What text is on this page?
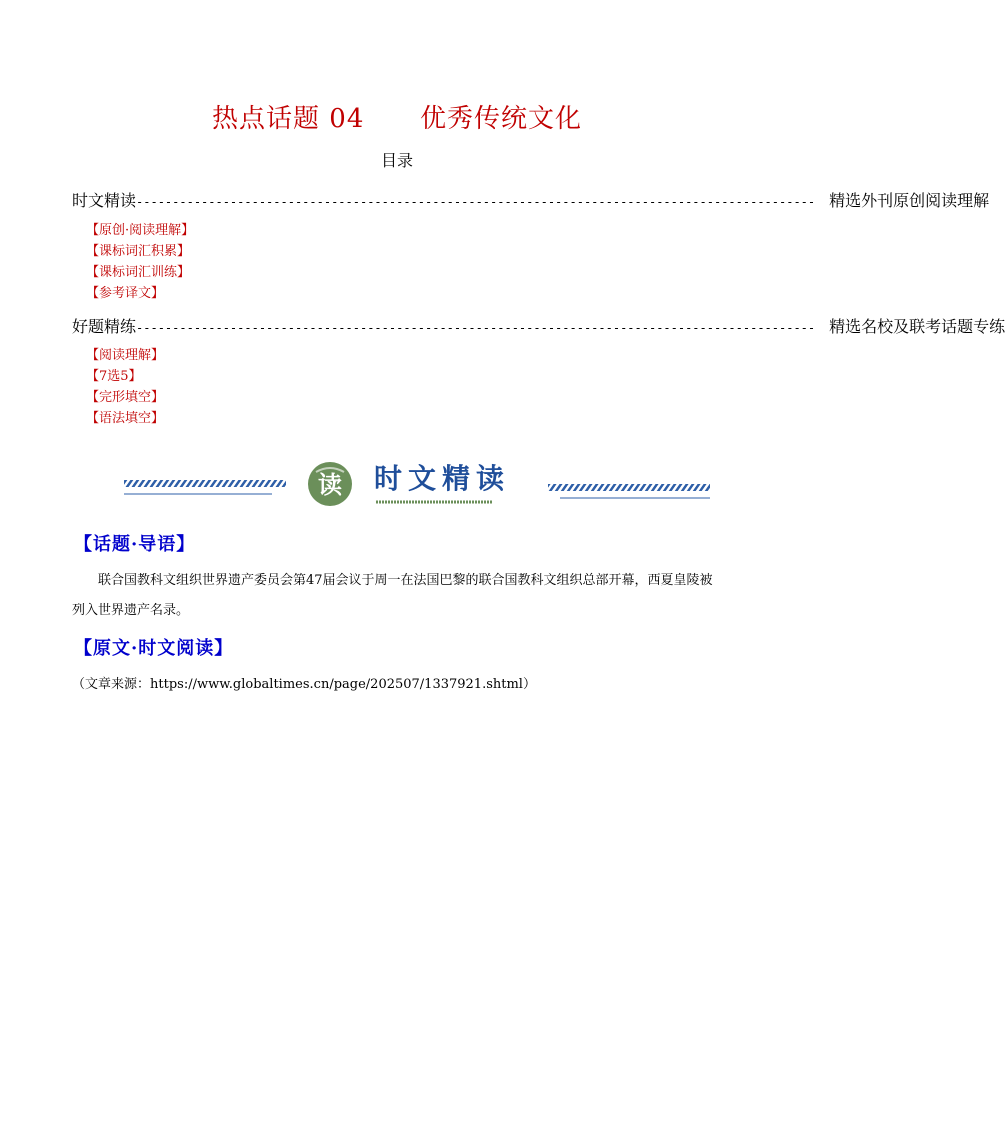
热点话题 04      优秀传统文化
目录
时文精读 ---------------------------------------------------------------------------------------------- 精选外刊原创阅读理解
【原创·阅读理解】
【课标词汇积累】
【课标词汇训练】
【参考译文】
好题精练 ---------------------------------------------------------------------------------------------- 精选名校及联考话题专练
【阅读理解】
【7选5】
【完形填空】
【语法填空】
读 时文精读
【话题·导语】
联合国教科文组织世界遗产委员会第47届会议于周一在法国巴黎的联合国教科文组织总部开幕，西夏皇陵被列入世界遗产名录。
【原文·时文阅读】
（文章来源：https://www.globaltimes.cn/page/202507/1337921.shtml）
